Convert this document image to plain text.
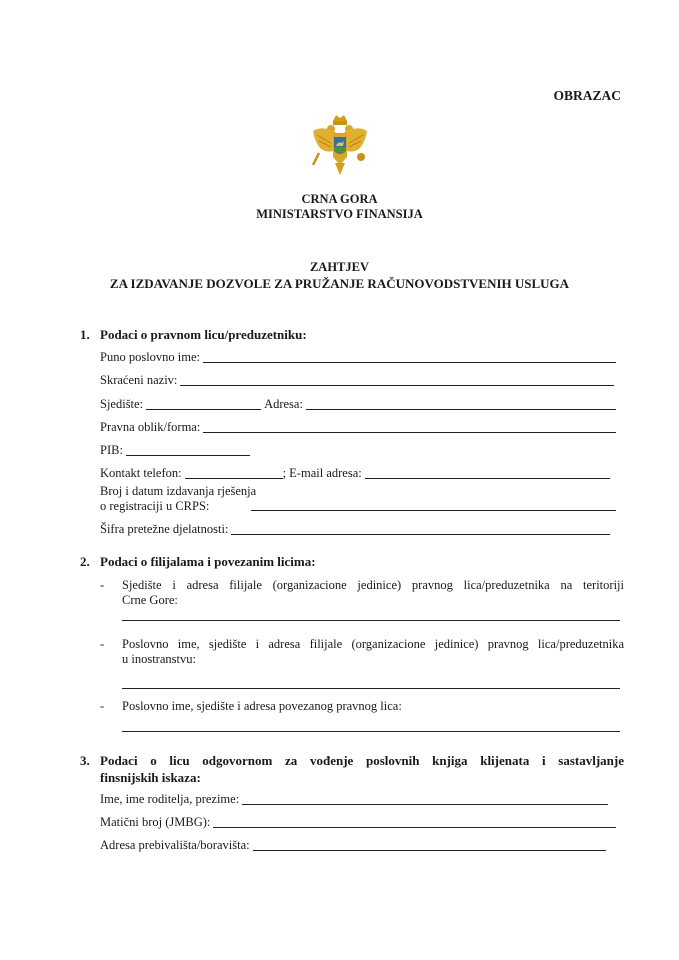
OBRAZAC
CRNA GORA
MINISTARSTVO FINANSIJA
ZAHTJEV
ZA IZDAVANJE DOZVOLE ZA PRUŽANJE RAČUNOVODSTVENIH USLUGA
1. Podaci o pravnom licu/preduzetniku:
Puno poslovno ime:
Skraćeni naziv:
Sjedište:	Adresa:
Pravna oblik/forma:
PIB:
Kontakt telefon:	; E-mail adresa:
Broj i datum izdavanja rješenja
o registraciji u CRPS:
Šifra pretežne djelatnosti:
2. Podaci o filijalama i povezanim licima:
- Sjedište i adresa filijale (organizacione jedinice) pravnog lica/preduzetnika na teritoriji
Crne Gore:
- Poslovno ime, sjedište i adresa filijale (organizacione jedinice) pravnog lica/preduzetnika
u inostranstvu:
- Poslovno ime, sjedište i adresa povezanog pravnog lica:
3. Podaci o licu odgovornom za vođenje poslovnih knjiga klijenata i sastavljanje
finsnijskih iskaza:
Ime, ime roditelja, prezime:
Matični broj (JMBG):
Adresa prebivališta/boravišta:
